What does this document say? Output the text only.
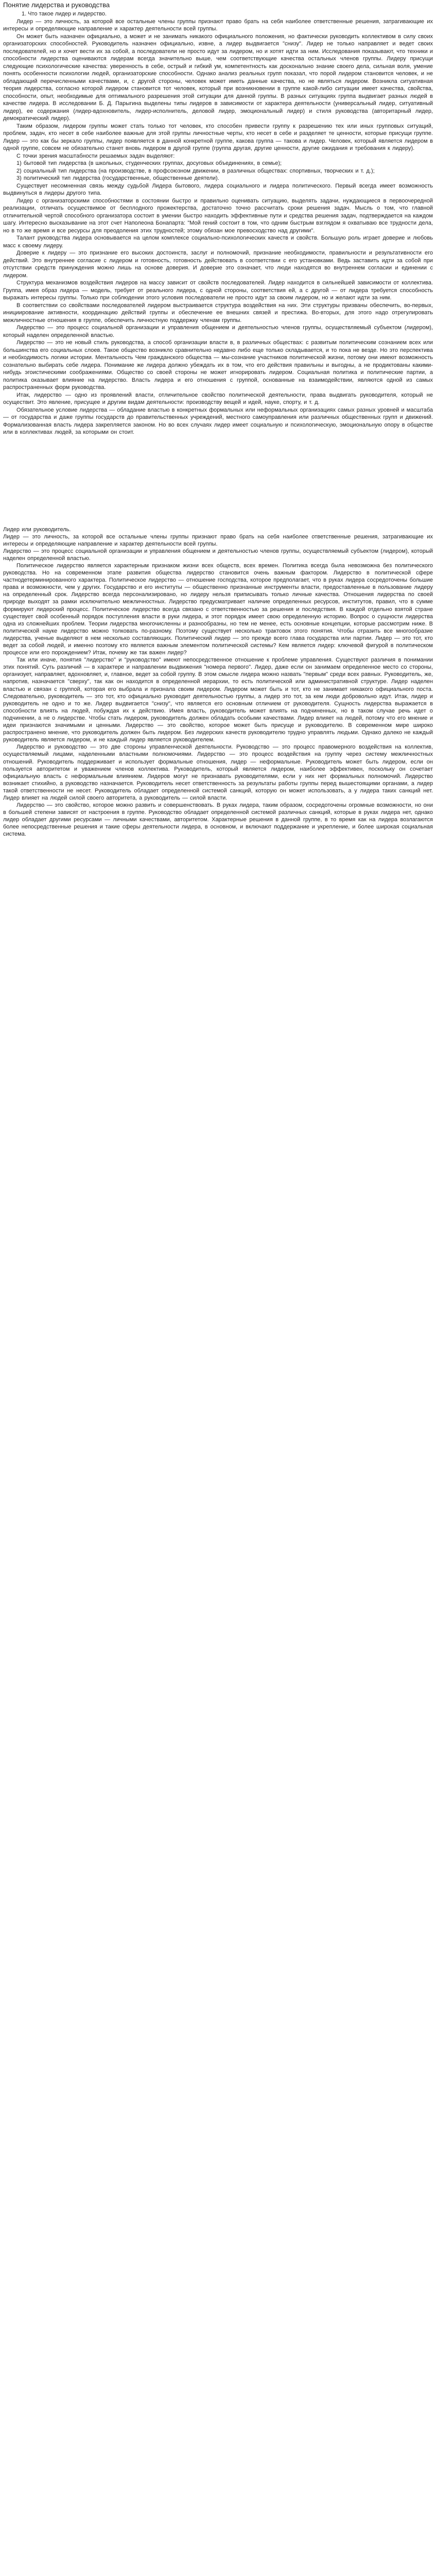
Понятие лидерства и руководства

1. Что такое лидер и лидерство.

Лидер — это личность, за которой все остальные члены группы признают право брать на себя наиболее ответственные решения, затрагивающие их интересы и определяющие направление и характер деятельности всей группы.

Он может быть назначен официально, а может и не занимать никакого официального положения, но фактически руководить коллективом в силу своих организаторских способностей. Руководитель назначен официально, извне, а лидер выдвигается "снизу". Лидер не только направляет и ведет своих последователей, но и хочет вести их за собой, а последователи не просто идут за лидером, но и хотят идти за ним. Исследования показывают, что техники и способности лидерства оцениваются лидерам всегда значительно выше, чем соответствующие качества остальных членов группы. Лидеру присущи следующие психологические качества: уверенность в себе, острый и гибкий ум, компетентность как досконально знание своего дела, сильная воля, умение понять особенности психологии людей, организаторские способности. Однако анализ реальных групп показал, что порой лидером становится человек, и не обладающий перечисленными качествами, и, с другой стороны, человек может иметь данные качества, но не являться лидером. Возникла ситуативная теория лидерства, согласно которой лидером становится тот человек, который при возникновении в группе какой-либо ситуации имеет качества, свойства, способности, опыт, необходимые для оптимального разрешения этой ситуации для данной группы. В разных ситуациях группа выдвигает разных людей в качестве лидера. В исследовании Б. Д. Парыгина выделены типы лидеров в зависимости от характера деятельности (универсальный лидер, ситуативный лидер), ее содержания (лидер-вдохновитель, лидер-исполнитель, деловой лидер, эмоциональный лидер) и стиля руководства (авторитарный лидер, демократический лидер).

Таким образом, лидером группы может стать только тот человек, кто способен привести группу к разрешению тех или иных групповых ситуаций, проблем, задач, кто несет в себе наиболее важные для этой группы личностные черты, кто несет в себе и разделяет те ценности, которые присущи группе. Лидер — это как бы зеркало группы, лидер появляется в данной конкретной группе, какова группа — такова и лидер. Человек, который является лидером в одной группе, совсем не обязательно станет вновь лидером в другой группе (группа другая, другие ценности, другие ожидания и требования к лидеру).

С точки зрения масштабности решаемых задач выделяют:

1) бытовой тип лидерства (в школьных, студенческих группах, досуговых объединениях, в семье);

2) социальный тип лидерства (на производстве, в профсоюзном движении, в различных обществах: спортивных, творческих и т. д.);

3) политический тип лидерства (государственные, общественные деятели).

Существует несомненная связь между судьбой Лидера бытового, лидера социального и лидера политического. Первый всегда имеет возможность выдвинуться в лидеры другого типа.

Лидер с организаторскими способностями в состоянии быстро и правильно оценивать ситуацию, выделять задачи, нуждающиеся в первоочередной реализации, отличать осуществимое от бесплодного прожектерства, достаточно точно рассчитать сроки решения задач. Мысль о том, что главной отличительной чертой способного организатора состоит в умении быстро находить эффективные пути и средства решения задач, подтверждается на каждом шагу. Интересно высказывание на этот счет Наполеона Бонапарта: "Мой гений состоит в том, что одним быстрым взглядом я охватываю все трудности дела, но в то же время и все ресурсы для преодоления этих трудностей; этому обязан мое превосходство над другими".

Талант руководства лидера основывается на целом комплексе социально-психологических качеств и свойств. Большую роль играет доверие и любовь масс к своему лидеру.

Доверие к лидеру — это признание его высоких достоинств, заслуг и полномочий, признание необходимости, правильности и результативности его действий. Это внутреннее согласие с лидером и готовность, готовность действовать в соответствии с его установками. Ведь заставить идти за собой при отсутствии средств принуждения можно лишь на основе доверия. И доверие это означает, что люди находятся во внутреннем согласии и единении с лидером.

Структура механизмов воздействия лидеров на массу зависит от свойств последователей. Лидер находится в сильнейшей зависимости от коллектива. Группа, имея образ лидера — модель, требует от реального лидера, с одной стороны, соответствия ей, а с другой — от лидера требуется способность выражать интересы группы. Только при соблюдении этого условия последователи не просто идут за своим лидером, но и желают идти за ним.

В соответствии со свойствами последователей лидером выстраивается структура воздействия на них. Эти структуры призваны обеспечить, во-первых, инициирование активности, координацию действий группы и обеспечение ее внешних связей и престижа. Во-вторых, для этого надо отрегулировать межличностные отношения в группе, обеспечить личностную поддержку членам группы.

Лидерство — это процесс социальной организации и управления общением и деятельностью членов группы, осуществляемый субъектом (лидером), который наделен определенной властью.

Лидерство — это не новый стиль руководства, а способ организации власти в, в различных обществах: с развитым политическим сознанием всех или большинства его социальных слоев. Такое общество возникло сравнительно недавно либо еще только складывается, и то пока не везде. Но это перспектива и необходимость логики истории. Ментальность Чем гражданского общества — мы-сознание участников политической жизни, потому они имеют возможность сознательно выбирать себе лидера. Понимание же лидера должно убеждать их в том, что его действия правильны и выгодны, а не продиктованы какими-нибудь эгоистическими соображениями. Общество со своей стороны не может игнорировать лидером. Социальная политика и политические партии, а политика оказывает влияние на лидерство. Власть лидера и его отношения с группой, основанные на взаимодействии, являются одной из самых распространенных форм руководства.

Итак, лидерство — одно из проявлений власти, отличительное свойство политической деятельности, права выдвигать руководителя, который не осуществит. Это явление, присущее и другим видам деятельности: производству вещей и идей, науке, спорту, и т. д.

Обязательное условие лидерства — обладание властью в конкретных формальных или неформальных организациях самых разных уровней и масштаба — от государства и даже группы государств до правительственных учреждений, местного самоуправления или различных общественных групп и движений. Формализованная власть лидера закрепляется законом. Но во всех случаях лидер имеет социальную и психологическую, эмоциональную опору в обществе или в коллективах людей, за которыми он стоит.

Лидер или руководитель.

Лидер — это личность, за которой все остальные члены группы признают право брать на себя наиболее ответственные решения, затрагивающие их интересы и определяющие направление и характер деятельности всей группы.

Лидерство — это процесс социальной организации и управления общением и деятельностью членов группы, осуществляемый субъектом (лидером), который наделен определенной властью.

Политическое лидерство является характерным признаком жизни всех обществ, всех времен. Политика всегда была невозможна без политического руководства. Но на современном этапе развития общества лидерство становится очень важным фактором. Лидерство в политической сфере частнодетерминированного характера. Политическое лидерство — отношение господства, которое предполагает, что в руках лидера сосредоточены большие права и возможности, чем у других. Государство и его институты — общественно признанные инструменты власти, предоставленные в пользование лидеру на определенный срок. Лидерство всегда персонализировано, но лидеру нельзя приписывать только личные качества. Отношения лидерства по своей природе выходят за рамки исключительно межличностных. Лидерство предусматривает наличие определенных ресурсов, институтов, правил, что в сумме формируют лидерский процесс. Политическое лидерство всегда связано с ответственностью за решения и последствия. В каждой отдельно взятой стране существует свой особенный порядок поступления власти в руки лидера, и этот порядок имеет свою определенную историю. Вопрос о сущности лидерства одна из сложнейших проблем. Теории лидерства многочисленны и разнообразны, но тем не менее, есть основные концепции, которые рассмотрим ниже. В политической науке лидерство можно толковать по-разному. Поэтому существует несколько трактовок этого понятия. Чтобы отразить все многообразие лидерства, ученые выделяют в нем несколько составляющих. Политический лидер — это прежде всего глава государства или партии. Лидер — это тот, кто ведет за собой людей, и именно поэтому кто является важным элементом политической системы? Кем является лидер: ключевой фигурой в политическом процессе или его порождением? Итак, почему же так важен лидер?

Так или иначе, понятия "лидерство" и "руководство" имеют непосредственное отношение к проблеме управления. Существуют различия в понимании этих понятий. Суть различий — в характере и направлении выдвижения "номера первого". Лидер, даже если он занимаем определенное место со стороны, организует, направляет, вдохновляет, и, главное, ведет за собой группу. В этом смысле лидера можно назвать "первым" среди всех равных. Руководитель, же, напротив, назначается "сверху", так как он находится в определенной иерархии, то есть политической или административной структуре. Лидер наделен властью и связан с группой, которая его выбрала и признала своим лидером. Лидером может быть и тот, кто не занимает никакого официального поста. Следовательно, руководитель — это тот, кто официально руководит деятельностью группы, а лидер это тот, за кем люди добровольно идут. Итак, лидер и руководитель не одно и то же. Лидер выдвигается "снизу", что является его основным отличием от руководителя. Сущность лидерства выражается в способности влиять на людей, побуждая их к действию. Имея власть, руководитель может влиять на подчиненных, но в таком случае речь идет о подчинении, а не о лидерстве. Чтобы стать лидером, руководитель должен обладать особыми качествами. Лидер влияет на людей, потому что его мнение и идеи признаются значимыми и ценными. Лидерство — это свойство, которое может быть присуще и руководителю. В современном мире широко распространено мнение, что руководитель должен быть лидером. Без лидерских качеств руководителю трудно управлять людьми. Однако далеко не каждый руководитель является лидером, и не каждый лидер является руководителем.

Лидерство и руководство — это две стороны управленческой деятельности. Руководство — это процесс правомерного воздействия на коллектив, осуществляемый лицами, наделенными властными полномочиями. Лидерство — это процесс воздействия на группу через систему межличностных отношений. Руководитель поддерживает и использует формальные отношения, лидер — неформальные. Руководитель может быть лидером, если он пользуется авторитетом и уважением членов коллектива. Руководитель, который является лидером, наиболее эффективен, поскольку он сочетает официальную власть с неформальным влиянием. Лидеров могут не признавать руководителями, если у них нет формальных полномочий. Лидерство возникает стихийно, а руководство назначается. Руководитель несет ответственность за результаты работы группы перед вышестоящими органами, а лидер такой ответственности не несет. Руководитель обладает определенной системой санкций, которую он может использовать, а у лидера таких санкций нет. Лидер влияет на людей силой своего авторитета, а руководитель — силой власти.

Лидерство — это свойство, которое можно развить и совершенствовать. В руках лидера, таким образом, сосредоточены огромные возможности, но они в большей степени зависят от настроения в группе. Руководство обладает определенной системой различных санкций, которые в руках лидера нет, однако лидер обладает другими ресурсами — личными качествами, авторитетом. Характерные решения в данной группе, в то время как на лидера возлагаются более непосредственные решения и такие сферы деятельности лидера, в основном, и включают поддержание и укрепление, и более широкая социальная система.
